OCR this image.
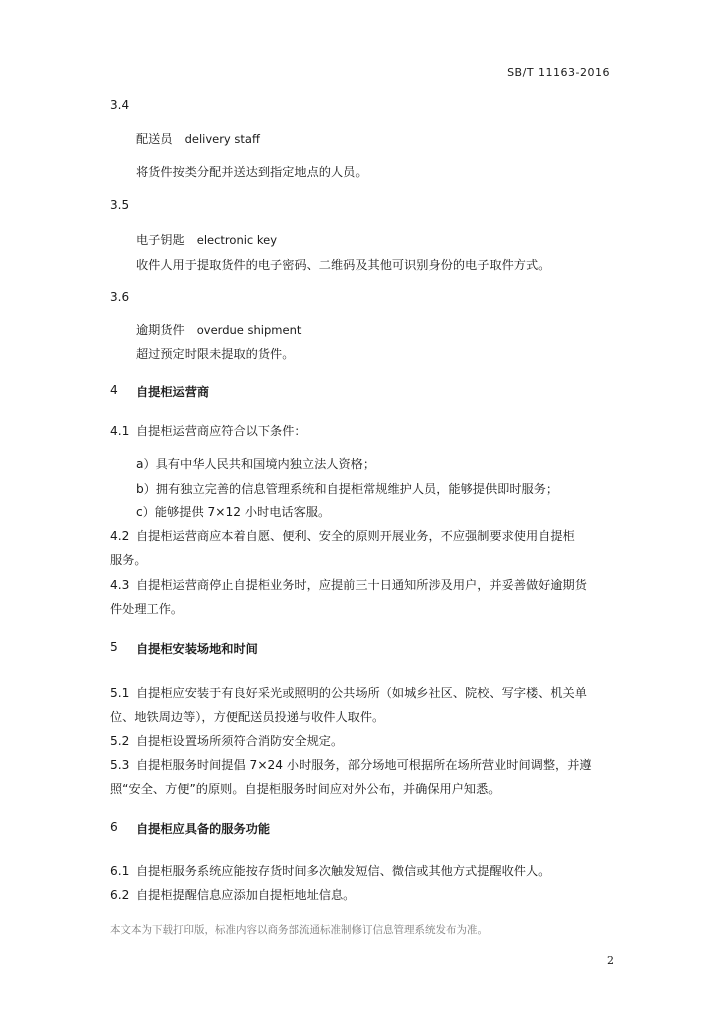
SB/T 11163-2016
3.4
配送员 delivery staff
将货件按类分配并送达到指定地点的人员。
3.5
电子钥匙 electronic key
收件人用于提取货件的电子密码、二维码及其他可识别身份的电子取件方式。
3.6
逾期货件 overdue shipment
超过预定时限未提取的货件。
4 自提柜运营商
4.1 自提柜运营商应符合以下条件：
a）具有中华人民共和国境内独立法人资格；
b）拥有独立完善的信息管理系统和自提柜常规维护人员，能够提供即时服务；
c）能够提供 7×12 小时电话客服。
4.2 自提柜运营商应本着自愿、便利、安全的原则开展业务，不应强制要求使用自提柜
服务。
4.3 自提柜运营商停止自提柜业务时，应提前三十日通知所涉及用户，并妥善做好逾期货
件处理工作。
5 自提柜安装场地和时间
5.1 自提柜应安装于有良好采光或照明的公共场所（如城乡社区、院校、写字楼、机关单
位、地铁周边等），方便配送员投递与收件人取件。
5.2 自提柜设置场所须符合消防安全规定。
5.3 自提柜服务时间提倡 7×24 小时服务，部分场地可根据所在场所营业时间调整，并遵
照“安全、方便”的原则。自提柜服务时间应对外公布，并确保用户知悉。
6 自提柜应具备的服务功能
6.1 自提柜服务系统应能按存货时间多次触发短信、微信或其他方式提醒收件人。
6.2 自提柜提醒信息应添加自提柜地址信息。
本文本为下载打印版，标准内容以商务部流通标准制修订信息管理系统发布为准。
2
